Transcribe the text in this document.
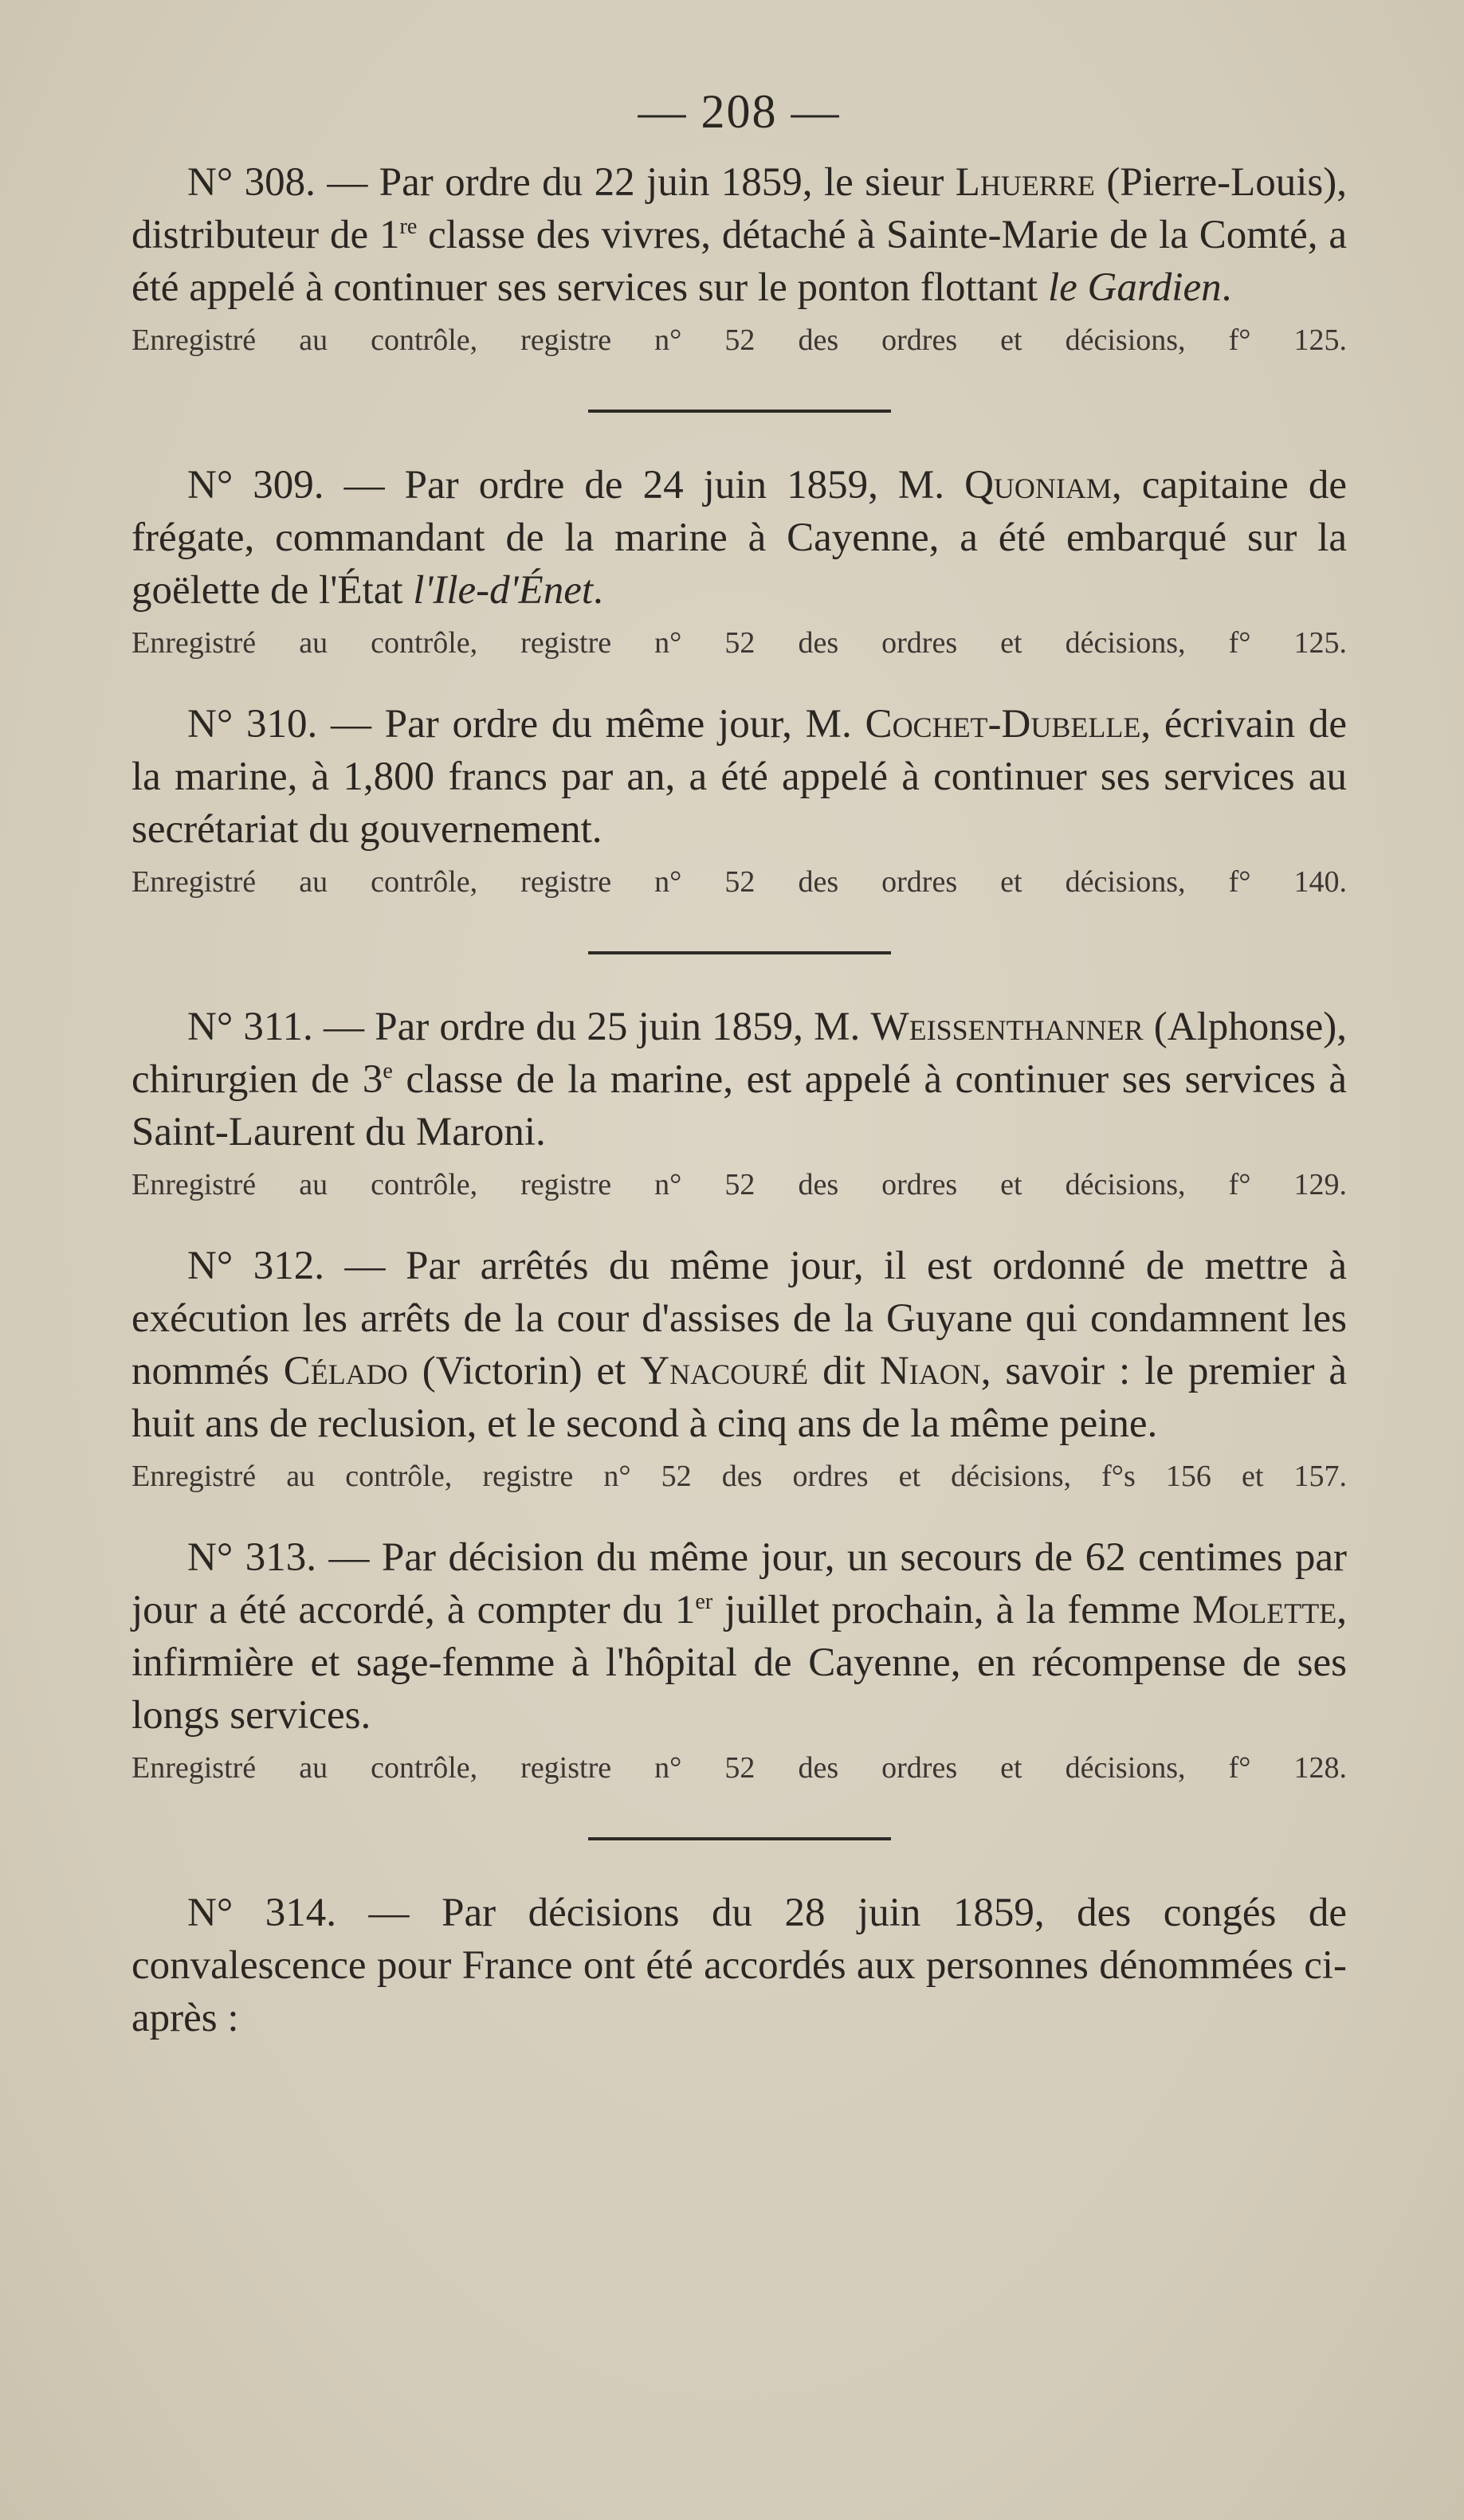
— 208 —

N° 308. — Par ordre du 22 juin 1859, le sieur Lhuerre (Pierre-Louis), distributeur de 1re classe des vivres, détaché à Sainte-Marie de la Comté, a été appelé à continuer ses services sur le ponton flottant le Gardien.

Enregistré au contrôle, registre n° 52 des ordres et décisions, f° 125.

N° 309. — Par ordre de 24 juin 1859, M. Quoniam, capitaine de frégate, commandant de la marine à Cayenne, a été embarqué sur la goëlette de l'État l'Ile-d'Énet.

Enregistré au contrôle, registre n° 52 des ordres et décisions, f° 125.

N° 310. — Par ordre du même jour, M. Cochet-Dubelle, écrivain de la marine, à 1,800 francs par an, a été appelé à continuer ses services au secrétariat du gouvernement.

Enregistré au contrôle, registre n° 52 des ordres et décisions, f° 140.

N° 311. — Par ordre du 25 juin 1859, M. Weissenthanner (Alphonse), chirurgien de 3e classe de la marine, est appelé à continuer ses services à Saint-Laurent du Maroni.

Enregistré au contrôle, registre n° 52 des ordres et décisions, f° 129.

N° 312. — Par arrêtés du même jour, il est ordonné de mettre à exécution les arrêts de la cour d'assises de la Guyane qui condamnent les nommés Célado (Victorin) et Ynacouré dit Niaon, savoir : le premier à huit ans de reclusion, et le second à cinq ans de la même peine.

Enregistré au contrôle, registre n° 52 des ordres et décisions, f°s 156 et 157.

N° 313. — Par décision du même jour, un secours de 62 centimes par jour a été accordé, à compter du 1er juillet prochain, à la femme Molette, infirmière et sage-femme à l'hôpital de Cayenne, en récompense de ses longs services.

Enregistré au contrôle, registre n° 52 des ordres et décisions, f° 128.

N° 314. — Par décisions du 28 juin 1859, des congés de convalescence pour France ont été accordés aux personnes dénommées ci-après :
